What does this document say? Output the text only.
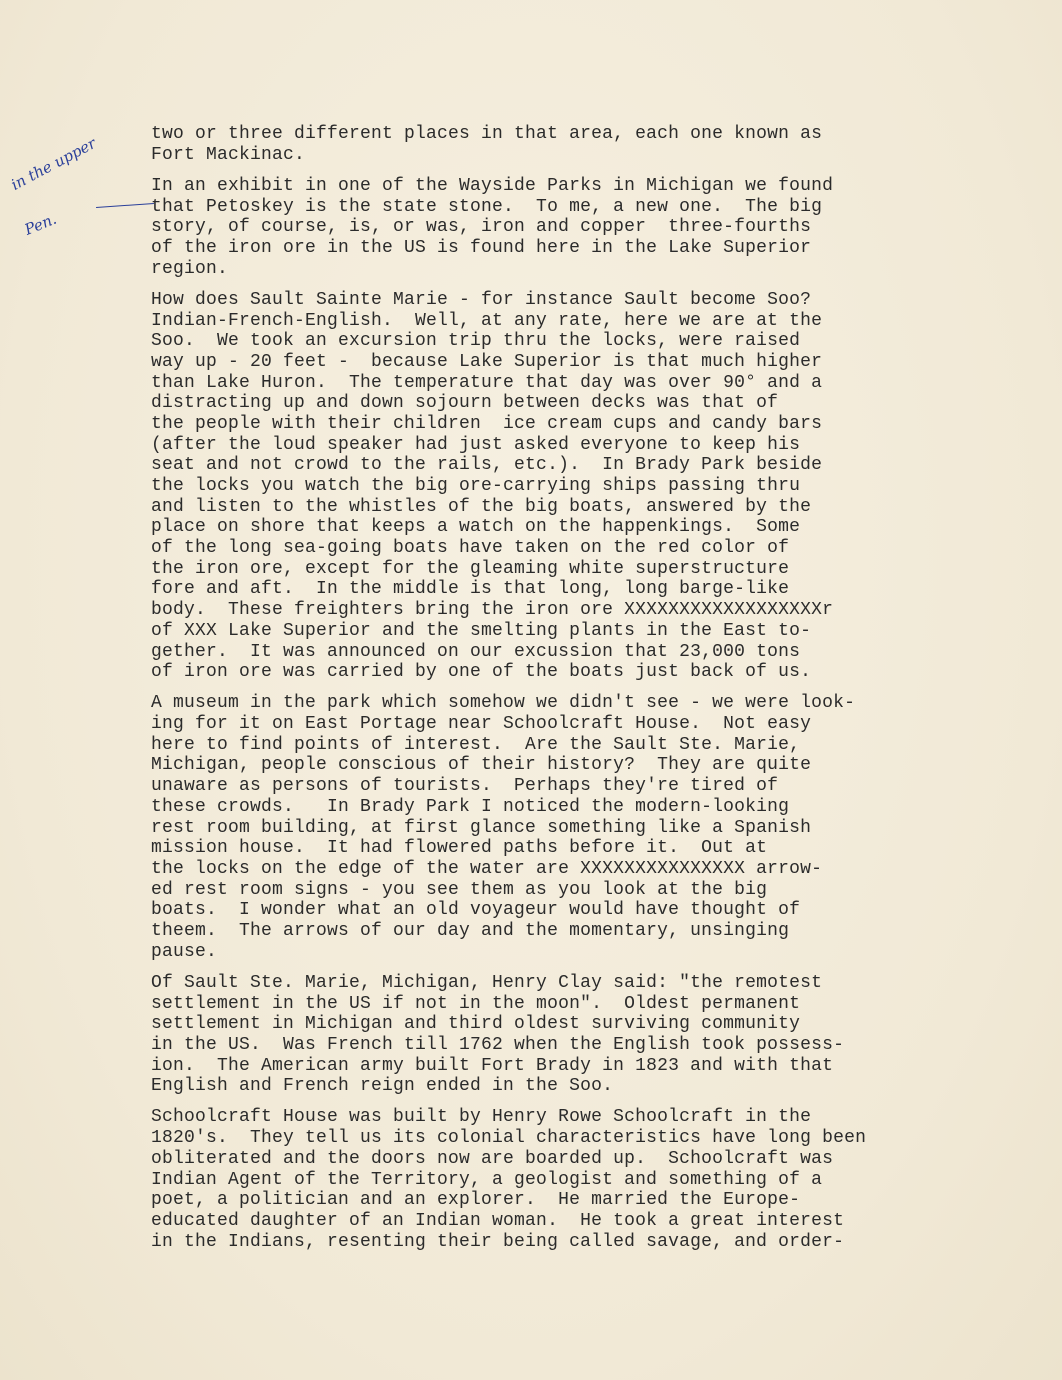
in the upper
Pen.
two or three different places in that area, each one known as
Fort Mackinac.
In an exhibit in one of the Wayside Parks in Michigan we found
that Petoskey is the state stone.  To me, a new one.  The big
story, of course, is, or was, iron and copper  three-fourths
of the iron ore in the US is found here in the Lake Superior
region.
How does Sault Sainte Marie - for instance Sault become Soo?
Indian-French-English.  Well, at any rate, here we are at the
Soo.  We took an excursion trip thru the locks, were raised
way up - 20 feet -  because Lake Superior is that much higher
than Lake Huron.  The temperature that day was over 90° and a
distracting up and down sojourn between decks was that of
the people with their children  ice cream cups and candy bars
(after the loud speaker had just asked everyone to keep his
seat and not crowd to the rails, etc.).  In Brady Park beside
the locks you watch the big ore-carrying ships passing thru
and listen to the whistles of the big boats, answered by the
place on shore that keeps a watch on the happenkings.  Some
of the long sea-going boats have taken on the red color of
the iron ore, except for the gleaming white superstructure
fore and aft.  In the middle is that long, long barge-like
body.  These freighters bring the iron ore XXXXXXXXXXXXXXXXXXr
of XXX Lake Superior and the smelting plants in the East to-
gether.  It was announced on our excussion that 23,000 tons
of iron ore was carried by one of the boats just back of us.
A museum in the park which somehow we didn't see - we were look-
ing for it on East Portage near Schoolcraft House.  Not easy
here to find points of interest.  Are the Sault Ste. Marie,
Michigan, people conscious of their history?  They are quite
unaware as persons of tourists.  Perhaps they're tired of
these crowds.   In Brady Park I noticed the modern-looking
rest room building, at first glance something like a Spanish
mission house.  It had flowered paths before it.  Out at
the locks on the edge of the water are XXXXXXXXXXXXXXX arrow-
ed rest room signs - you see them as you look at the big
boats.  I wonder what an old voyageur would have thought of
theem.  The arrows of our day and the momentary, unsinging
pause.
Of Sault Ste. Marie, Michigan, Henry Clay said: "the remotest
settlement in the US if not in the moon".  Oldest permanent
settlement in Michigan and third oldest surviving community
in the US.  Was French till 1762 when the English took possess-
ion.  The American army built Fort Brady in 1823 and with that
English and French reign ended in the Soo.
Schoolcraft House was built by Henry Rowe Schoolcraft in the
1820's.  They tell us its colonial characteristics have long been
obliterated and the doors now are boarded up.  Schoolcraft was
Indian Agent of the Territory, a geologist and something of a
poet, a politician and an explorer.  He married the Europe-
educated daughter of an Indian woman.  He took a great interest
in the Indians, resenting their being called savage, and order-
